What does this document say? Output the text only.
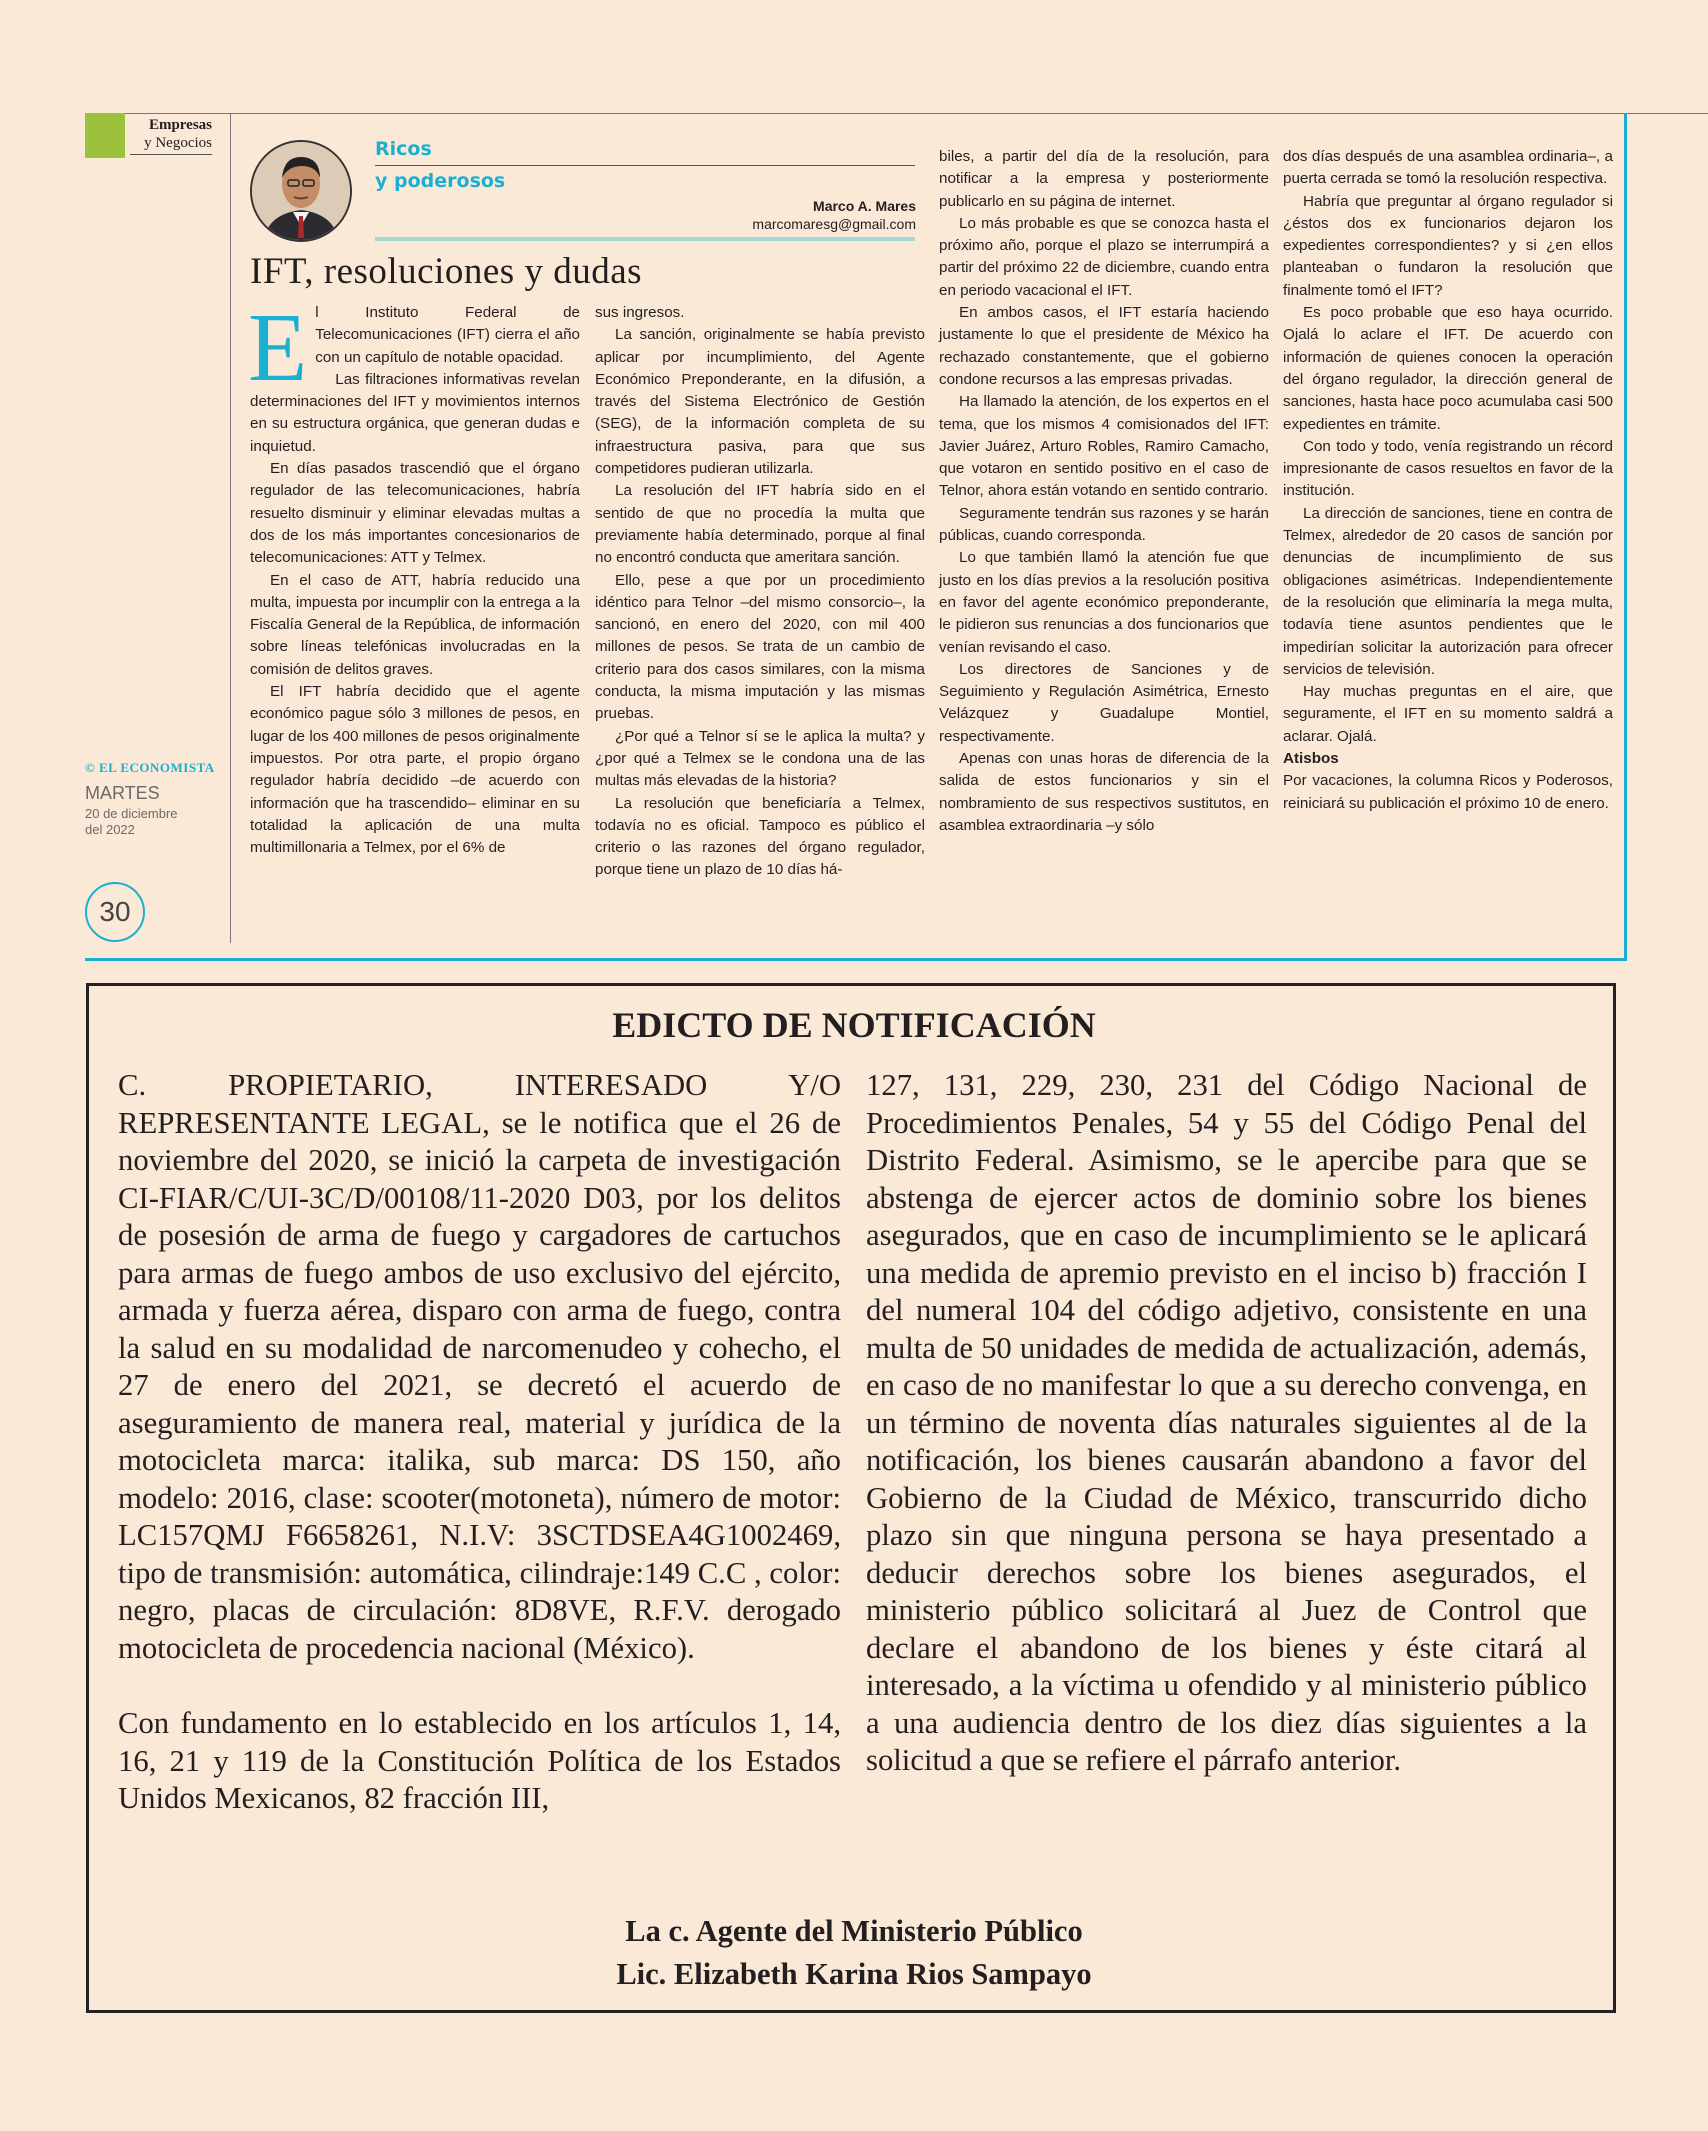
Empresas
y Negocios
© EL ECONOMISTA
MARTES
20 de diciembre del 2022
30
Ricos
y poderosos
Marco A. Mares
marcomaresg@gmail.com
IFT, resoluciones y dudas

El Instituto Federal de Telecomunicaciones (IFT) cierra el año con un capítulo de notable opacidad.

Las filtraciones informativas revelan determinaciones del IFT y movimientos internos en su estructura orgánica, que generan dudas e inquietud.

En días pasados trascendió que el órgano regulador de las telecomunicaciones, habría resuelto disminuir y eliminar elevadas multas a dos de los más importantes concesionarios de telecomunicaciones: ATT y Telmex.

En el caso de ATT, habría reducido una multa, impuesta por incumplir con la entrega a la Fiscalía General de la República, de información sobre líneas telefónicas involucradas en la comisión de delitos graves.

El IFT habría decidido que el agente económico pague sólo 3 millones de pesos, en lugar de los 400 millones de pesos originalmente impuestos. Por otra parte, el propio órgano regulador habría decidido –de acuerdo con información que ha trascendido– eliminar en su totalidad la aplicación de una multa multimillonaria a Telmex, por el 6% de

sus ingresos.

La sanción, originalmente se había previsto aplicar por incumplimiento, del Agente Económico Preponderante, en la difusión, a través del Sistema Electrónico de Gestión (SEG), de la información completa de su infraestructura pasiva, para que sus competidores pudieran utilizarla.

La resolución del IFT habría sido en el sentido de que no procedía la multa que previamente había determinado, porque al final no encontró conducta que ameritara sanción.

Ello, pese a que por un procedimiento idéntico para Telnor –del mismo consorcio–, la sancionó, en enero del 2020, con mil 400 millones de pesos. Se trata de un cambio de criterio para dos casos similares, con la misma conducta, la misma imputación y las mismas pruebas.

¿Por qué a Telnor sí se le aplica la multa? y ¿por qué a Telmex se le condona una de las multas más elevadas de la historia?

La resolución que beneficiaría a Telmex, todavía no es oficial. Tampoco es público el criterio o las razones del órgano regulador, porque tiene un plazo de 10 días há-

biles, a partir del día de la resolución, para notificar a la empresa y posteriormente publicarlo en su página de internet.

Lo más probable es que se conozca hasta el próximo año, porque el plazo se interrumpirá a partir del próximo 22 de diciembre, cuando entra en periodo vacacional el IFT.

En ambos casos, el IFT estaría haciendo justamente lo que el presidente de México ha rechazado constantemente, que el gobierno condone recursos a las empresas privadas.

Ha llamado la atención, de los expertos en el tema, que los mismos 4 comisionados del IFT: Javier Juárez, Arturo Robles, Ramiro Camacho, que votaron en sentido positivo en el caso de Telnor, ahora están votando en sentido contrario.

Seguramente tendrán sus razones y se harán públicas, cuando corresponda.

Lo que también llamó la atención fue que justo en los días previos a la resolución positiva en favor del agente económico preponderante, le pidieron sus renuncias a dos funcionarios que venían revisando el caso.

Los directores de Sanciones y de Seguimiento y Regulación Asimétrica, Ernesto Velázquez y Guadalupe Montiel, respectivamente.

Apenas con unas horas de diferencia de la salida de estos funcionarios y sin el nombramiento de sus respectivos sustitutos, en asamblea extraordinaria –y sólo

dos días después de una asamblea ordinaria–, a puerta cerrada se tomó la resolución respectiva.

Habría que preguntar al órgano regulador si ¿éstos dos ex funcionarios dejaron los expedientes correspondientes? y si ¿en ellos planteaban o fundaron la resolución que finalmente tomó el IFT?

Es poco probable que eso haya ocurrido. Ojalá lo aclare el IFT. De acuerdo con información de quienes conocen la operación del órgano regulador, la dirección general de sanciones, hasta hace poco acumulaba casi 500 expedientes en trámite.

Con todo y todo, venía registrando un récord impresionante de casos resueltos en favor de la institución.

La dirección de sanciones, tiene en contra de Telmex, alrededor de 20 casos de sanción por denuncias de incumplimiento de sus obligaciones asimétricas. Independientemente de la resolución que eliminaría la mega multa, todavía tiene asuntos pendientes que le impedirían solicitar la autorización para ofrecer servicios de televisión.

Hay muchas preguntas en el aire, que seguramente, el IFT en su momento saldrá a aclarar. Ojalá.

Atisbos

Por vacaciones, la columna Ricos y Poderosos, reiniciará su publicación el próximo 10 de enero.

EDICTO DE NOTIFICACIÓN

C. PROPIETARIO, INTERESADO Y/O REPRESENTANTE LEGAL, se le notifica que el 26 de noviembre del 2020, se inició la carpeta de investigación CI-FIAR/C/UI-3C/D/00108/11-2020 D03, por los delitos de posesión de arma de fuego y cargadores de cartuchos para armas de fuego ambos de uso exclusivo del ejército, armada y fuerza aérea, disparo con arma de fuego, contra la salud en su modalidad de narcomenudeo y cohecho, el 27 de enero del 2021, se decretó el acuerdo de aseguramiento de manera real, material y jurídica de la motocicleta marca: italika, sub marca: DS 150, año modelo: 2016, clase: scooter(motoneta), número de motor: LC157QMJ F6658261, N.I.V: 3SCTDSEA4G1002469, tipo de transmisión: automática, cilindraje:149 C.C , color: negro, placas de circulación: 8D8VE, R.F.V. derogado motocicleta de procedencia nacional (México).

Con fundamento en lo establecido en los artículos 1, 14, 16, 21 y 119 de la Constitución Política de los Estados Unidos Mexicanos, 82 fracción III,

127, 131, 229, 230, 231 del Código Nacional de Procedimientos Penales, 54 y 55 del Código Penal del Distrito Federal. Asimismo, se le apercibe para que se abstenga de ejercer actos de dominio sobre los bienes asegurados, que en caso de incumplimiento se le aplicará una medida de apremio previsto en el inciso b) fracción I del numeral 104 del código adjetivo, consistente en una multa de 50 unidades de medida de actualización, además, en caso de no manifestar lo que a su derecho convenga, en un término de noventa días naturales siguientes al de la notificación, los bienes causarán abandono a favor del Gobierno de la Ciudad de México, transcurrido dicho plazo sin que ninguna persona se haya presentado a deducir derechos sobre los bienes asegurados, el ministerio público solicitará al Juez de Control que declare el abandono de los bienes y éste citará al interesado, a la víctima u ofendido y al ministerio público a una audiencia dentro de los diez días siguientes a la solicitud a que se refiere el párrafo anterior.

La c. Agente del Ministerio Público
Lic. Elizabeth Karina Rios Sampayo
